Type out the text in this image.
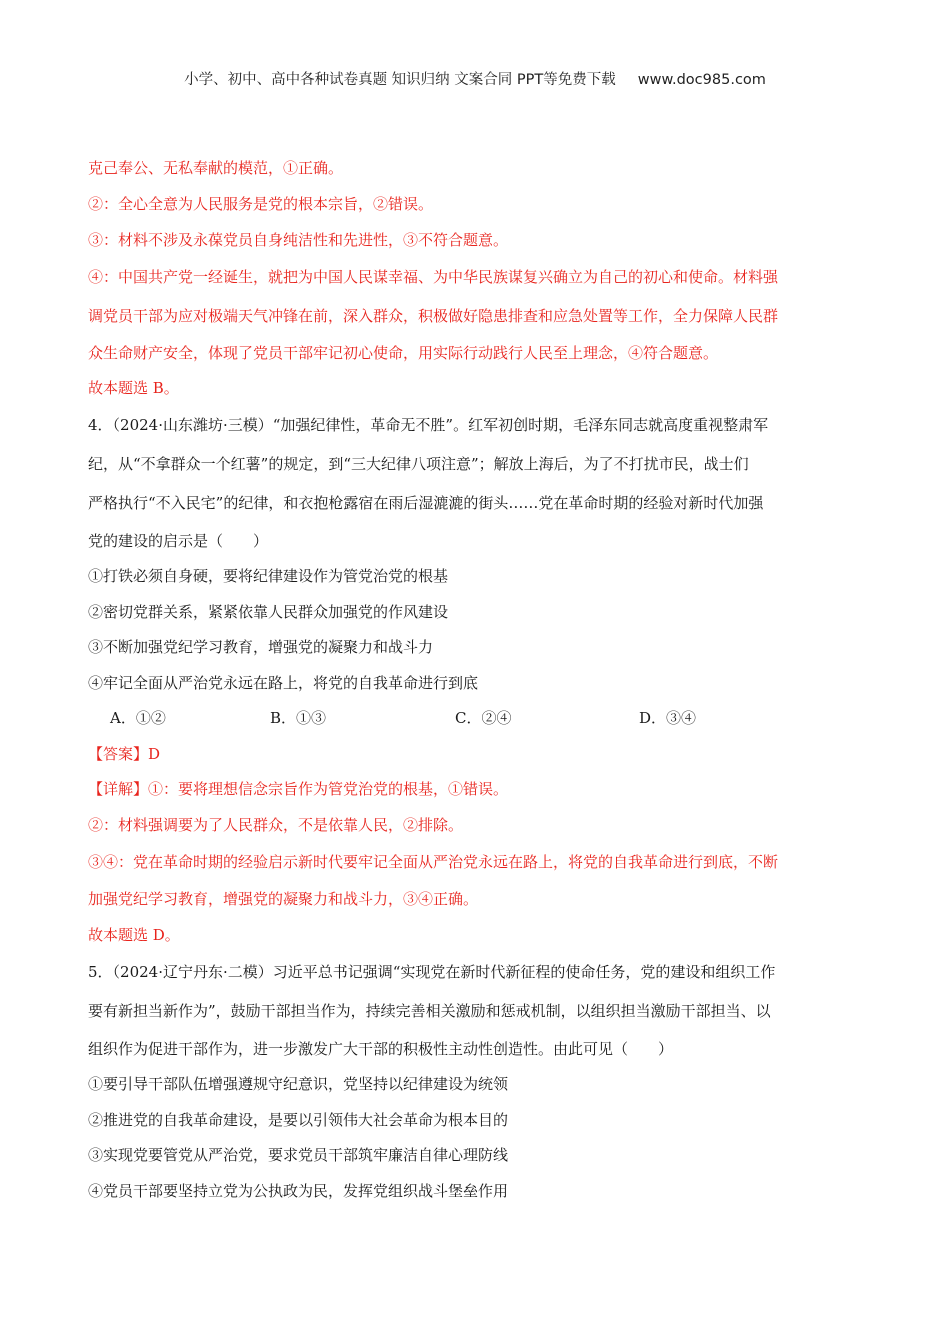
小学、初中、高中各种试卷真题 知识归纳 文案合同 PPT等免费下载 www.doc985.com

克己奉公、无私奉献的模范，①正确。

②：全心全意为人民服务是党的根本宗旨，②错误。

③：材料不涉及永葆党员自身纯洁性和先进性，③不符合题意。

④：中国共产党一经诞生，就把为中国人民谋幸福、为中华民族谋复兴确立为自己的初心和使命。材料强

调党员干部为应对极端天气冲锋在前，深入群众，积极做好隐患排查和应急处置等工作，全力保障人民群

众生命财产安全，体现了党员干部牢记初心使命，用实际行动践行人民至上理念，④符合题意。

故本题选 B。

4．（2024·山东潍坊·三模）“加强纪律性，革命无不胜”。红军初创时期，毛泽东同志就高度重视整肃军

纪，从“不拿群众一个红薯”的规定，到“三大纪律八项注意”；解放上海后，为了不打扰市民，战士们

严格执行“不入民宅”的纪律，和衣抱枪露宿在雨后湿漉漉的街头……党在革命时期的经验对新时代加强

党的建设的启示是（　　）

①打铁必须自身硬，要将纪律建设作为管党治党的根基

②密切党群关系，紧紧依靠人民群众加强党的作风建设

③不断加强党纪学习教育，增强党的凝聚力和战斗力

④牢记全面从严治党永远在路上，将党的自我革命进行到底

A．①②	B．①③	C．②④	D．③④

【答案】D

【详解】①：要将理想信念宗旨作为管党治党的根基，①错误。

②：材料强调要为了人民群众，不是依靠人民，②排除。

③④：党在革命时期的经验启示新时代要牢记全面从严治党永远在路上，将党的自我革命进行到底，不断

加强党纪学习教育，增强党的凝聚力和战斗力，③④正确。

故本题选 D。

5．（2024·辽宁丹东·二模）习近平总书记强调“实现党在新时代新征程的使命任务，党的建设和组织工作

要有新担当新作为”，鼓励干部担当作为，持续完善相关激励和惩戒机制，以组织担当激励干部担当、以

组织作为促进干部作为，进一步激发广大干部的积极性主动性创造性。由此可见（　　）

①要引导干部队伍增强遵规守纪意识，党坚持以纪律建设为统领

②推进党的自我革命建设，是要以引领伟大社会革命为根本目的

③实现党要管党从严治党，要求党员干部筑牢廉洁自律心理防线

④党员干部要坚持立党为公执政为民，发挥党组织战斗堡垒作用
